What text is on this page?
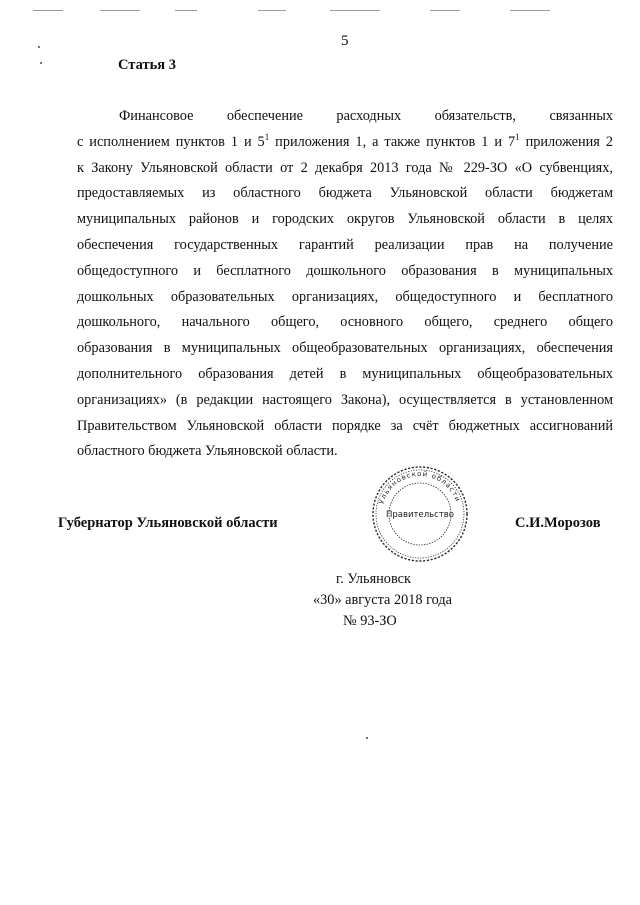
5
Статья 3
Финансовое обеспечение расходных обязательств, связанных
с исполнением пунктов 1 и $5^1$ приложения 1, а также пунктов 1 и $7^1$ приложения 2
к Закону Ульяновской области от 2 декабря 2013 года № 229-ЗО «О субвенциях,
предоставляемых из областного бюджета Ульяновской области бюджетам
муниципальных районов и городских округов Ульяновской области в целях
обеспечения государственных гарантий реализации прав на получение
общедоступного и бесплатного дошкольного образования в муниципальных
дошкольных образовательных организациях, общедоступного и бесплатного
дошкольного, начального общего, основного общего, среднего общего
образования в муниципальных общеобразовательных организациях, обеспечения
дополнительного образования детей в муниципальных общеобразовательных
организациях» (в редакции настоящего Закона), осуществляется в установленном
Правительством Ульяновской области порядке за счёт бюджетных ассигнований
областного бюджета Ульяновской области.
Ульяновской области
Правительство
Губернатор Ульяновской области	С.И.Морозов
г. Ульяновск
«30» августа 2018 года
№ 93-ЗО
